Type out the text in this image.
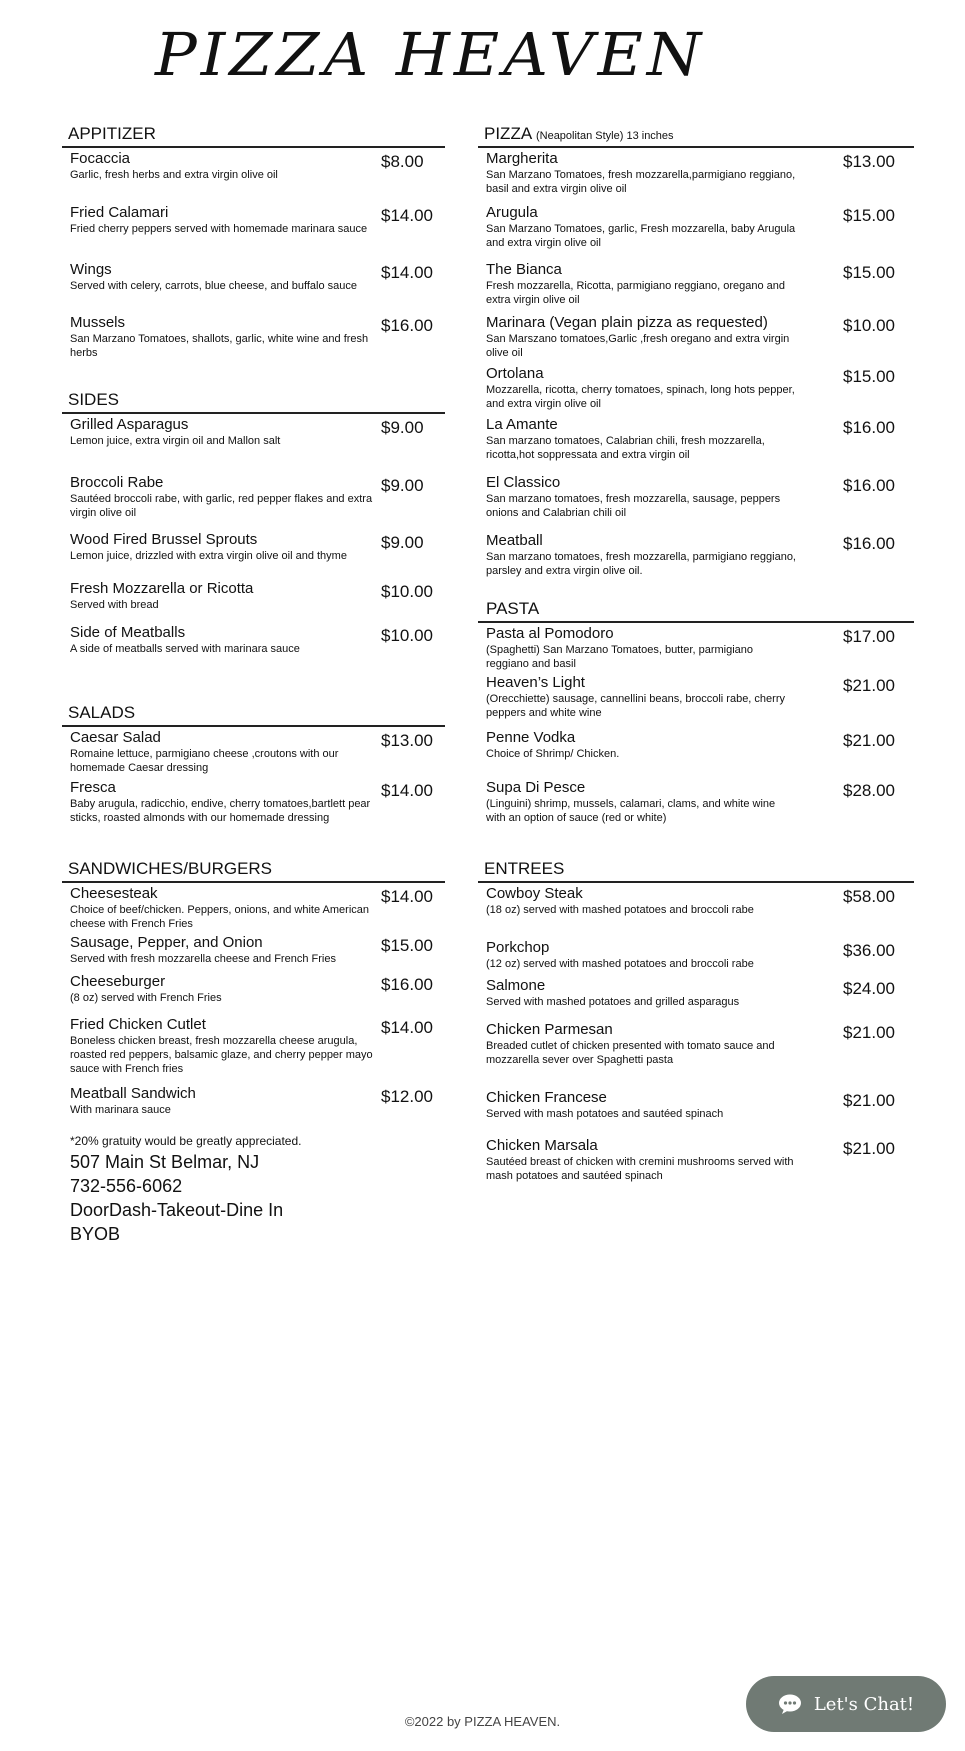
PIZZA HEAVEN
APPITIZER
Focaccia
Garlic, fresh herbs and extra virgin olive oil
$8.00
Fried Calamari
Fried cherry peppers served with homemade marinara sauce
$14.00
Wings
Served with celery, carrots, blue cheese, and buffalo sauce
$14.00
Mussels
San Marzano Tomatoes, shallots, garlic, white wine and fresh herbs
$16.00
SIDES
Grilled Asparagus
Lemon juice, extra virgin oil and Mallon salt
$9.00
Broccoli Rabe
Sautéed broccoli rabe, with garlic, red pepper flakes and extra virgin olive oil
$9.00
Wood Fired Brussel Sprouts
Lemon juice, drizzled with extra virgin olive oil and thyme
$9.00
Fresh Mozzarella or Ricotta
Served with bread
$10.00
Side of Meatballs
A side of meatballs served with marinara sauce
$10.00
SALADS
Caesar Salad
Romaine lettuce, parmigiano cheese ,croutons with our homemade Caesar dressing
$13.00
Fresca
Baby arugula, radicchio, endive, cherry tomatoes,bartlett pear sticks, roasted almonds with our homemade dressing
$14.00
SANDWICHES/BURGERS
Cheesesteak
Choice of beef/chicken. Peppers, onions, and white American cheese with French Fries
$14.00
Sausage, Pepper, and Onion
Served with fresh mozzarella cheese and French Fries
$15.00
Cheeseburger
(8 oz) served with French Fries
$16.00
Fried Chicken Cutlet
Boneless chicken breast, fresh mozzarella cheese arugula, roasted red peppers, balsamic glaze, and cherry pepper mayo sauce with French fries
$14.00
Meatball Sandwich
With marinara sauce
$12.00
*20% gratuity would be greatly appreciated.
507 Main St Belmar, NJ
732-556-6062
DoorDash-Takeout-Dine In
BYOB
PIZZA (Neapolitan Style) 13 inches
Margherita
San Marzano Tomatoes, fresh mozzarella,parmigiano reggiano, basil and extra virgin olive oil
$13.00
Arugula
San Marzano Tomatoes, garlic, Fresh mozzarella, baby Arugula and extra virgin olive oil
$15.00
The Bianca
Fresh mozzarella, Ricotta, parmigiano reggiano, oregano and extra virgin olive oil
$15.00
Marinara (Vegan plain pizza as requested)
San Marszano tomatoes,Garlic ,fresh oregano and extra virgin olive oil
$10.00
Ortolana
Mozzarella, ricotta, cherry tomatoes, spinach, long hots pepper, and extra virgin olive oil
$15.00
La Amante
San marzano tomatoes, Calabrian chili, fresh mozzarella, ricotta,hot soppressata and extra virgin oil
$16.00
El Classico
San marzano tomatoes, fresh mozzarella, sausage, peppers onions and Calabrian chili oil
$16.00
Meatball
San marzano tomatoes, fresh mozzarella, parmigiano reggiano, parsley and extra virgin olive oil.
$16.00
PASTA
Pasta al Pomodoro
(Spaghetti) San Marzano Tomatoes, butter, parmigiano reggiano and basil
$17.00
Heaven’s Light
(Orecchiette) sausage, cannellini beans, broccoli rabe, cherry peppers and white wine
$21.00
Penne Vodka
Choice of Shrimp/ Chicken.
$21.00
Supa Di Pesce
(Linguini) shrimp, mussels, calamari, clams, and white wine with an option of sauce (red or white)
$28.00
ENTREES
Cowboy Steak
(18 oz) served with mashed potatoes and broccoli rabe
$58.00
Porkchop
(12 oz) served with mashed potatoes and broccoli rabe
$36.00
Salmone
Served with mashed potatoes and grilled asparagus
$24.00
Chicken Parmesan
Breaded cutlet of chicken presented with tomato sauce and mozzarella sever over Spaghetti pasta
$21.00
Chicken Francese
Served with mash potatoes and sautéed spinach
$21.00
Chicken Marsala
Sautéed breast of chicken with cremini mushrooms served with mash potatoes and sautéed spinach
$21.00
©2022 by PIZZA HEAVEN.
Let's Chat!
